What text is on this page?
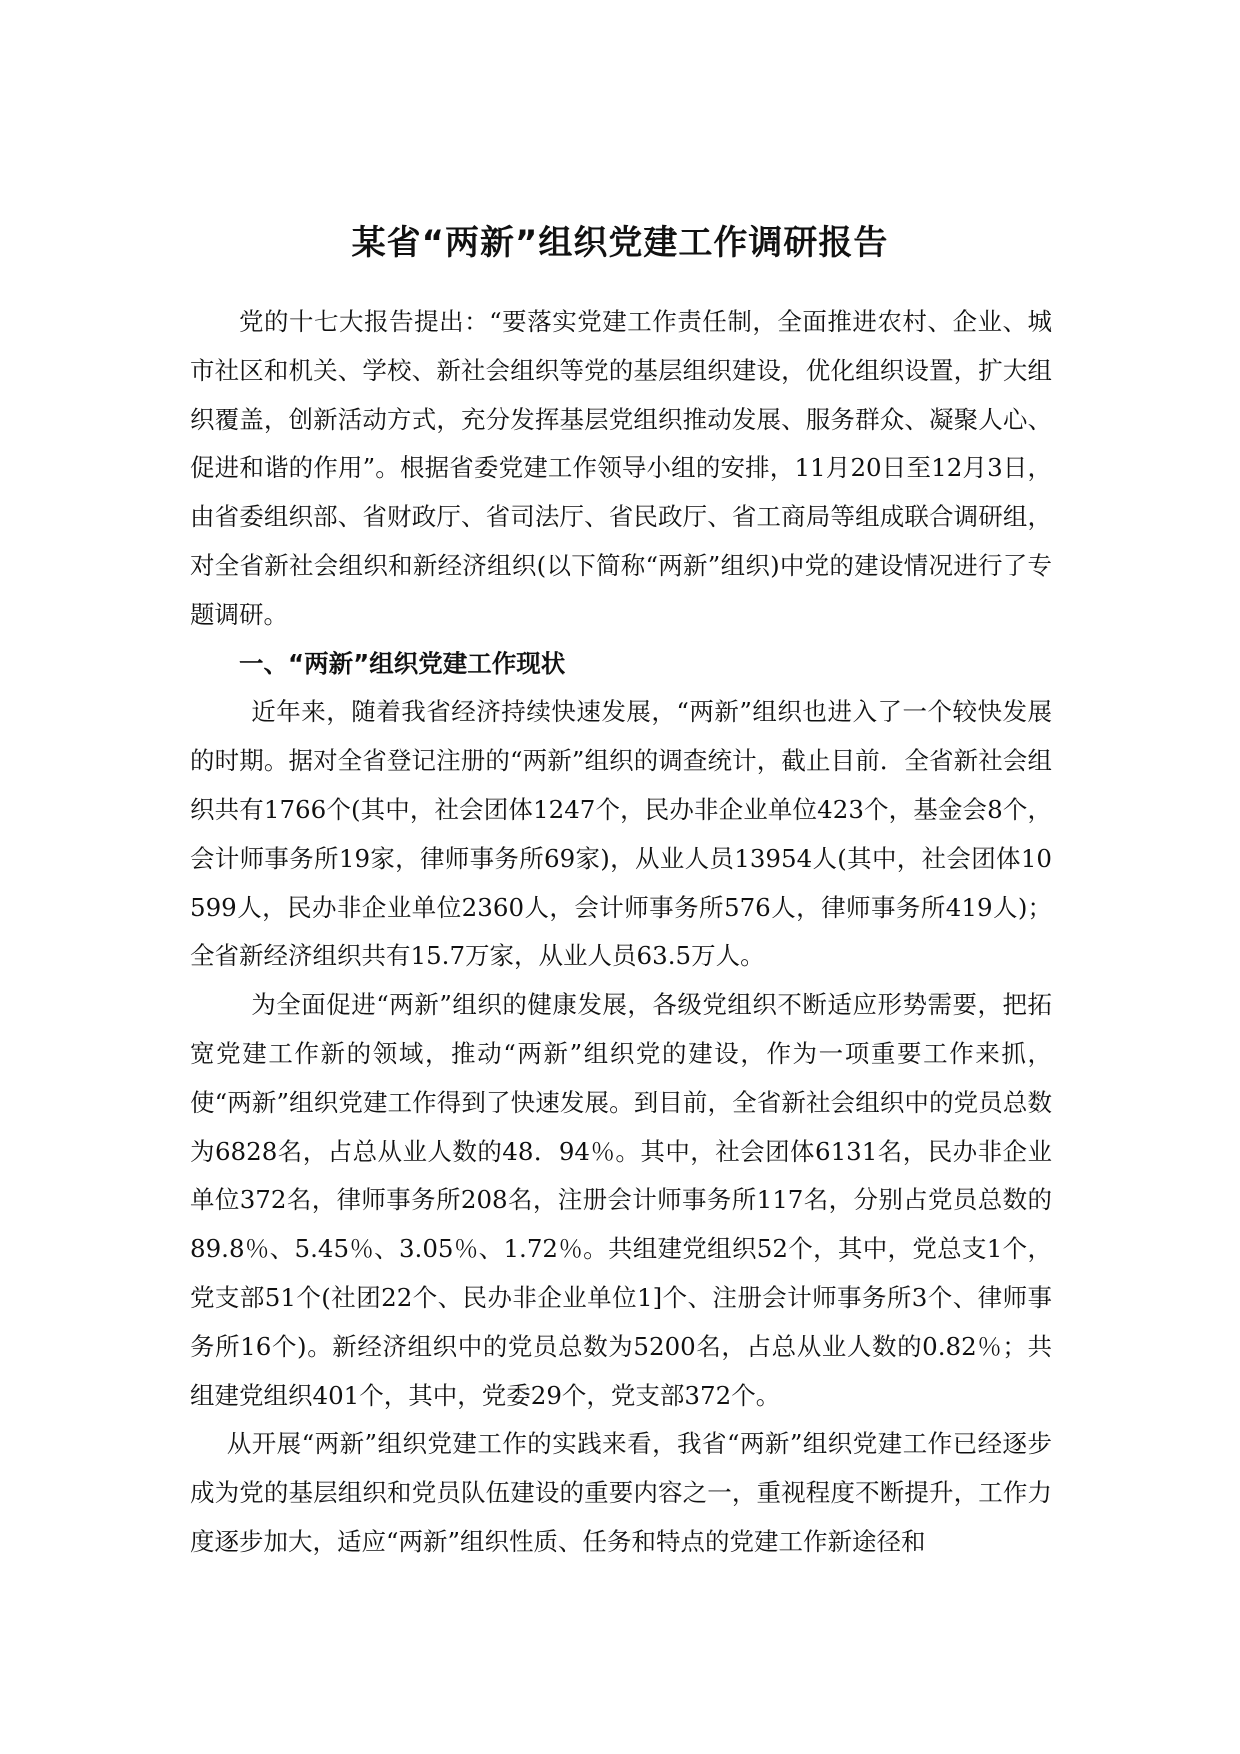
某省“两新”组织党建工作调研报告

党的十七大报告提出：“要落实党建工作责任制，全面推进农村、企业、城市社区和机关、学校、新社会组织等党的基层组织建设，优化组织设置，扩大组织覆盖，创新活动方式，充分发挥基层党组织推动发展、服务群众、凝聚人心、促进和谐的作用”。根据省委党建工作领导小组的安排，11月20日至12月3日，由省委组织部、省财政厅、省司法厅、省民政厅、省工商局等组成联合调研组，对全省新社会组织和新经济组织(以下简称“两新”组织)中党的建设情况进行了专题调研。

一、“两新”组织党建工作现状

近年来，随着我省经济持续快速发展，“两新”组织也进入了一个较快发展的时期。据对全省登记注册的“两新”组织的调查统计，截止目前．全省新社会组织共有1766个(其中，社会团体1247个，民办非企业单位423个，基金会8个，会计师事务所19家，律师事务所69家)，从业人员13954人(其中，社会团体10599人，民办非企业单位2360人，会计师事务所576人，律师事务所419人)；全省新经济组织共有15.7万家，从业人员63.5万人。

为全面促进“两新”组织的健康发展，各级党组织不断适应形势需要，把拓宽党建工作新的领域，推动“两新”组织党的建设，作为一项重要工作来抓，使“两新”组织党建工作得到了快速发展。到目前，全省新社会组织中的党员总数为6828名，占总从业人数的48．94％。其中，社会团体6131名，民办非企业单位372名，律师事务所208名，注册会计师事务所117名，分别占党员总数的89.8％、5.45％、3.05％、1.72％。共组建党组织52个，其中，党总支1个，党支部51个(社团22个、民办非企业单位1]个、注册会计师事务所3个、律师事务所16个)。新经济组织中的党员总数为5200名，占总从业人数的0.82％；共组建党组织401个，其中，党委29个，党支部372个。

从开展“两新”组织党建工作的实践来看，我省“两新”组织党建工作已经逐步成为党的基层组织和党员队伍建设的重要内容之一，重视程度不断提升，工作力度逐步加大，适应“两新”组织性质、任务和特点的党建工作新途径和
